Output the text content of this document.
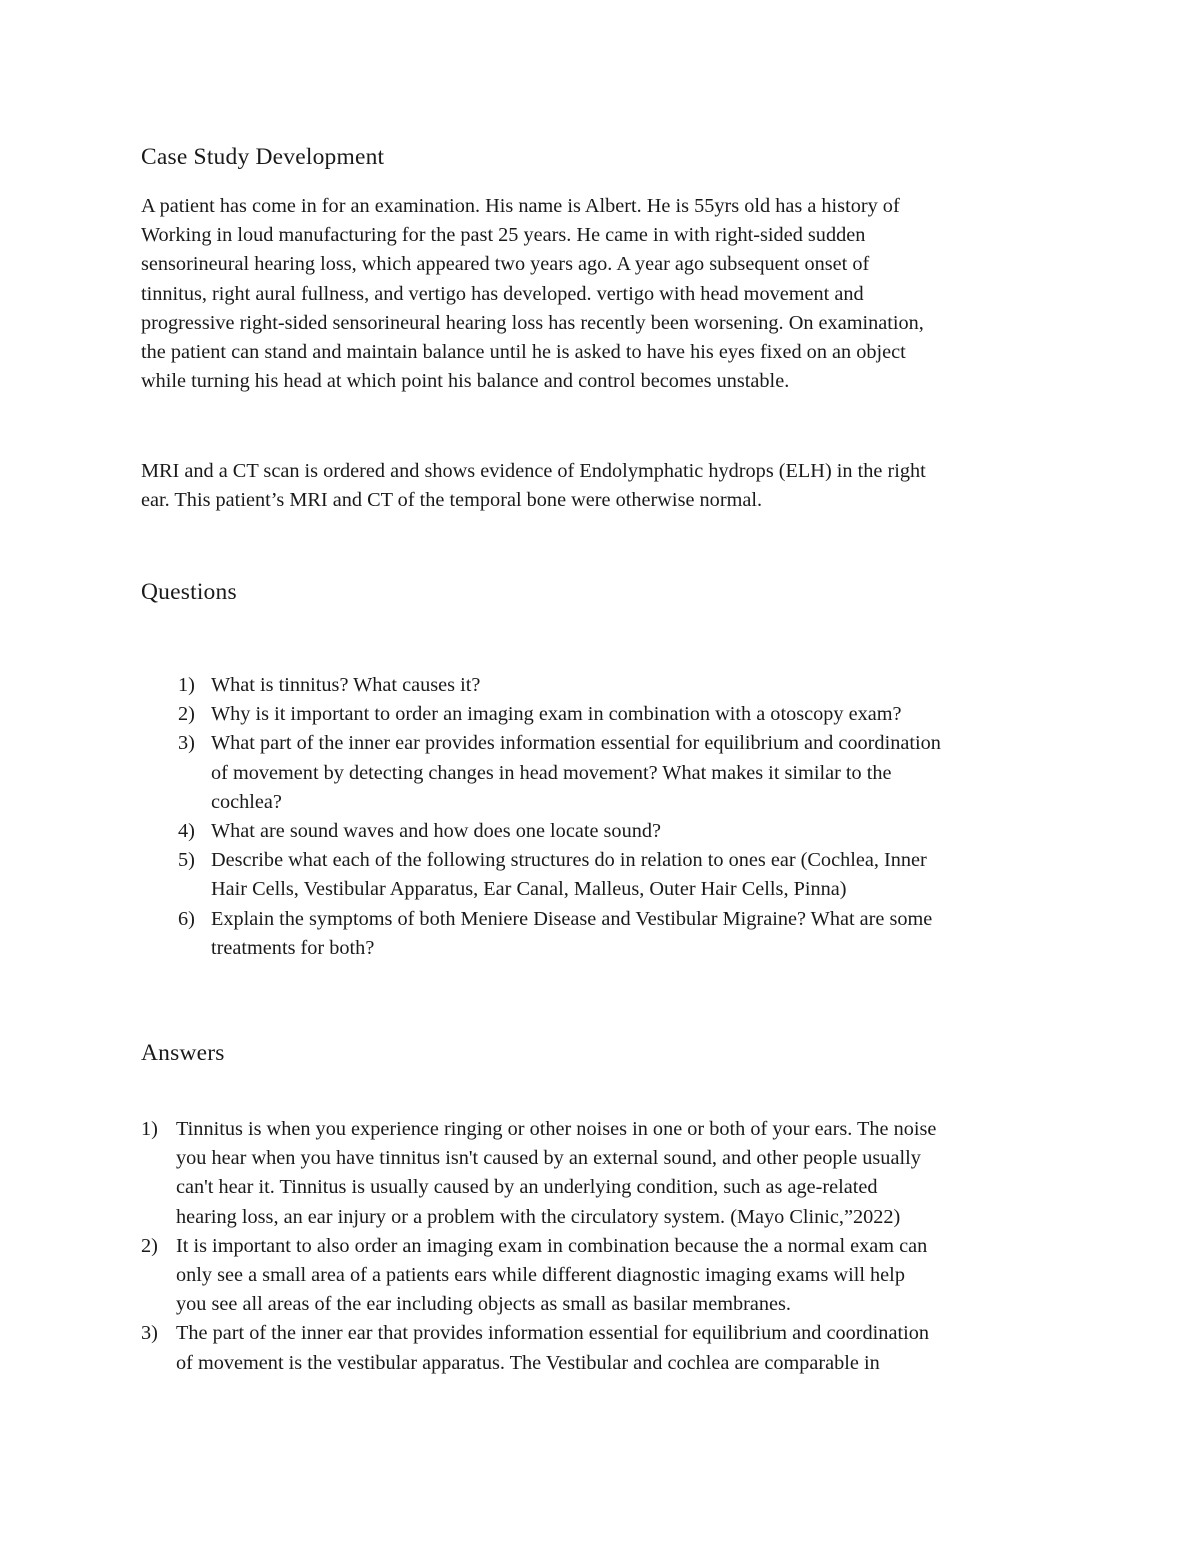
Case Study Development

A patient has come in for an examination. His name is Albert. He is 55yrs old has a history of
Working in loud manufacturing for the past 25 years. He came in with right-sided sudden
sensorineural hearing loss, which appeared two years ago. A year ago subsequent onset of
tinnitus, right aural fullness, and vertigo has developed. vertigo with head movement and
progressive right-sided sensorineural hearing loss has recently been worsening. On examination,
the patient can stand and maintain balance until he is asked to have his eyes fixed on an object
while turning his head at which point his balance and control becomes unstable.

MRI and a CT scan is ordered and shows evidence of Endolymphatic hydrops (ELH) in the right
ear. This patient’s MRI and CT of the temporal bone were otherwise normal.

Questions
1) What is tinnitus? What causes it?
2) Why is it important to order an imaging exam in combination with a otoscopy exam?
3) What part of the inner ear provides information essential for equilibrium and coordination
of movement by detecting changes in head movement? What makes it similar to the
cochlea?
4) What are sound waves and how does one locate sound?
5) Describe what each of the following structures do in relation to ones ear (Cochlea, Inner
Hair Cells, Vestibular Apparatus, Ear Canal, Malleus, Outer Hair Cells, Pinna)
6) Explain the symptoms of both Meniere Disease and Vestibular Migraine? What are some
treatments for both?
Answers
1) Tinnitus is when you experience ringing or other noises in one or both of your ears. The noise
you hear when you have tinnitus isn't caused by an external sound, and other people usually
can't hear it. Tinnitus is usually caused by an underlying condition, such as age-related
hearing loss, an ear injury or a problem with the circulatory system. (Mayo Clinic,”2022)
2) It is important to also order an imaging exam in combination because the a normal exam can
only see a small area of a patients ears while different diagnostic imaging exams will help
you see all areas of the ear including objects as small as basilar membranes.
3) The part of the inner ear that provides information essential for equilibrium and coordination
of movement is the vestibular apparatus. The Vestibular and cochlea are comparable in
